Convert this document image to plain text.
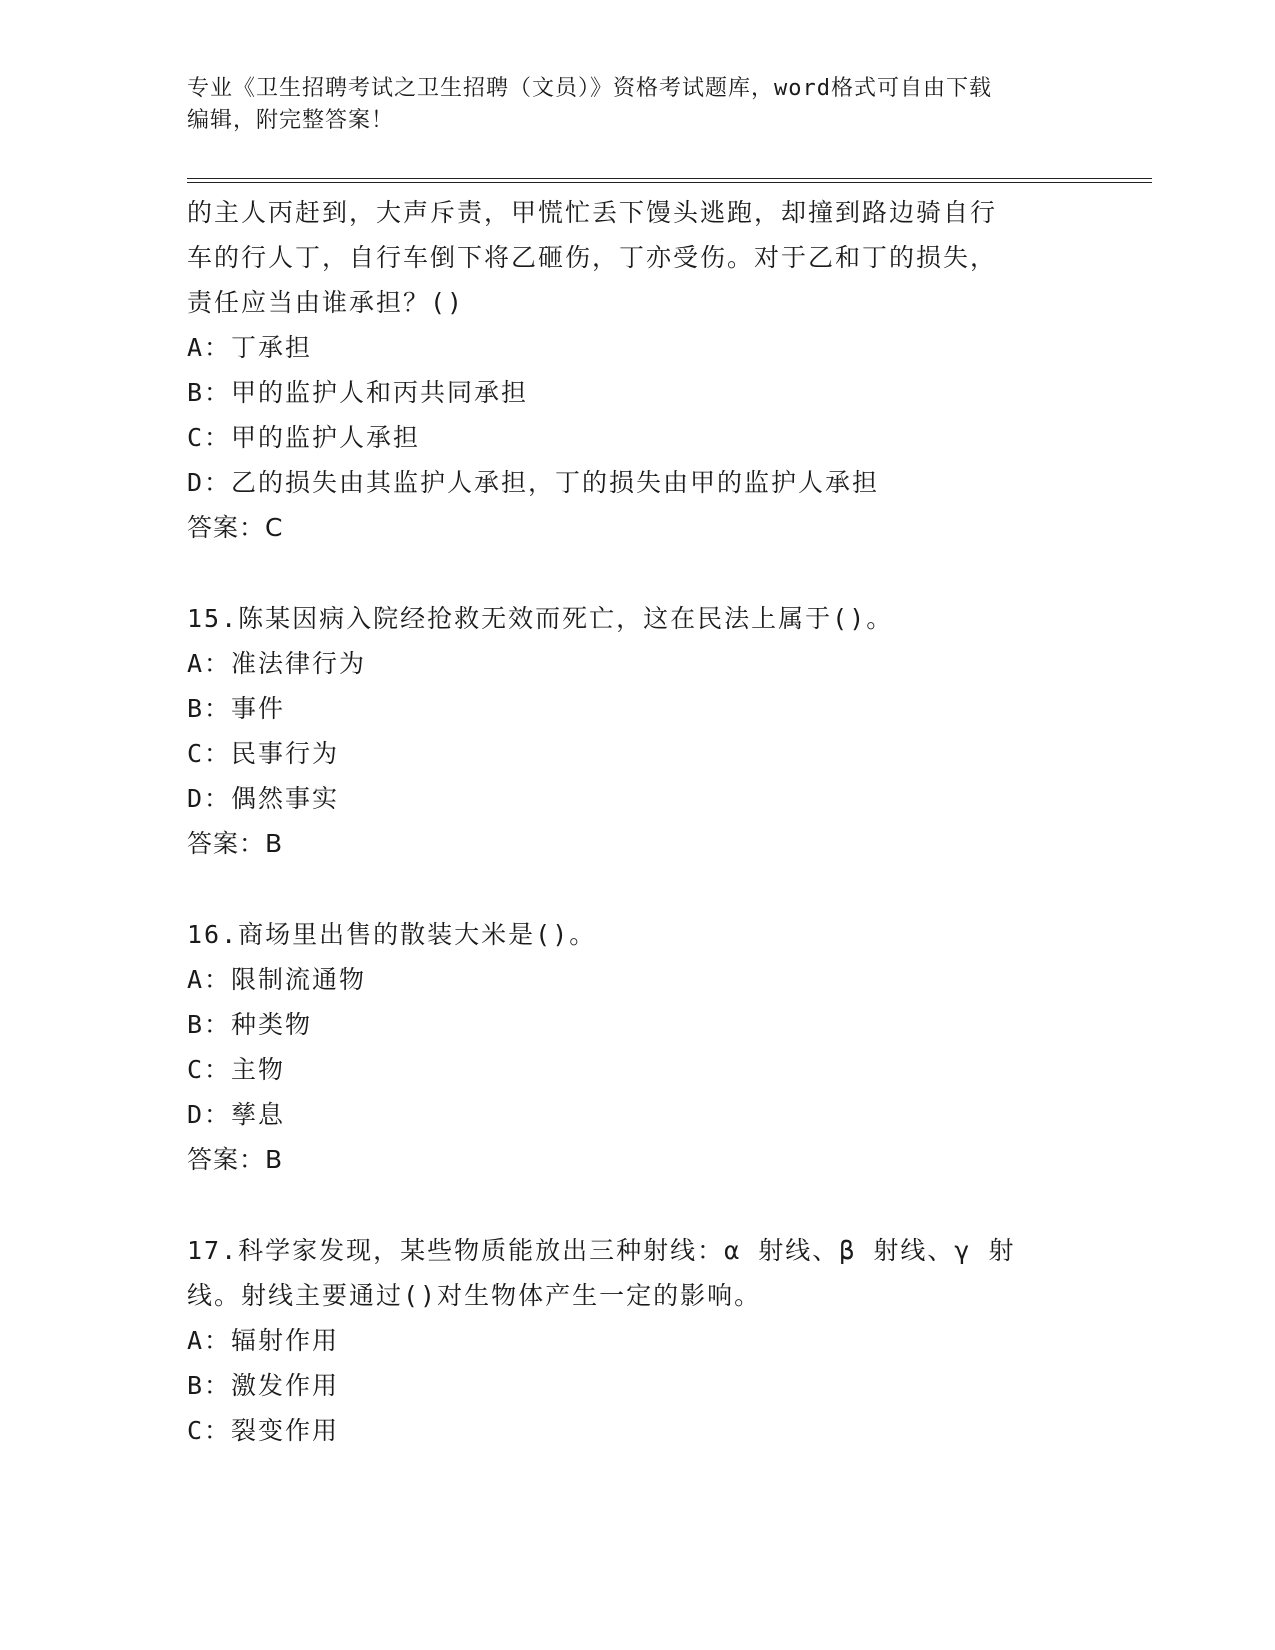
专业《卫生招聘考试之卫生招聘（文员）》资格考试题库，word格式可自由下载
编辑，附完整答案！

的主人丙赶到，大声斥责，甲慌忙丢下馒头逃跑，却撞到路边骑自行

车的行人丁，自行车倒下将乙砸伤，丁亦受伤。对于乙和丁的损失，

责任应当由谁承担？()

A：丁承担

B：甲的监护人和丙共同承担

C：甲的监护人承担

D：乙的损失由其监护人承担，丁的损失由甲的监护人承担

答案：C

15.陈某因病入院经抢救无效而死亡，这在民法上属于()。

A：准法律行为

B：事件

C：民事行为

D：偶然事实

答案：B

16.商场里出售的散装大米是()。

A：限制流通物

B：种类物

C：主物

D：孳息

答案：B

17.科学家发现，某些物质能放出三种射线：α 射线、β 射线、γ 射

线。射线主要通过()对生物体产生一定的影响。

A：辐射作用

B：激发作用

C：裂变作用
